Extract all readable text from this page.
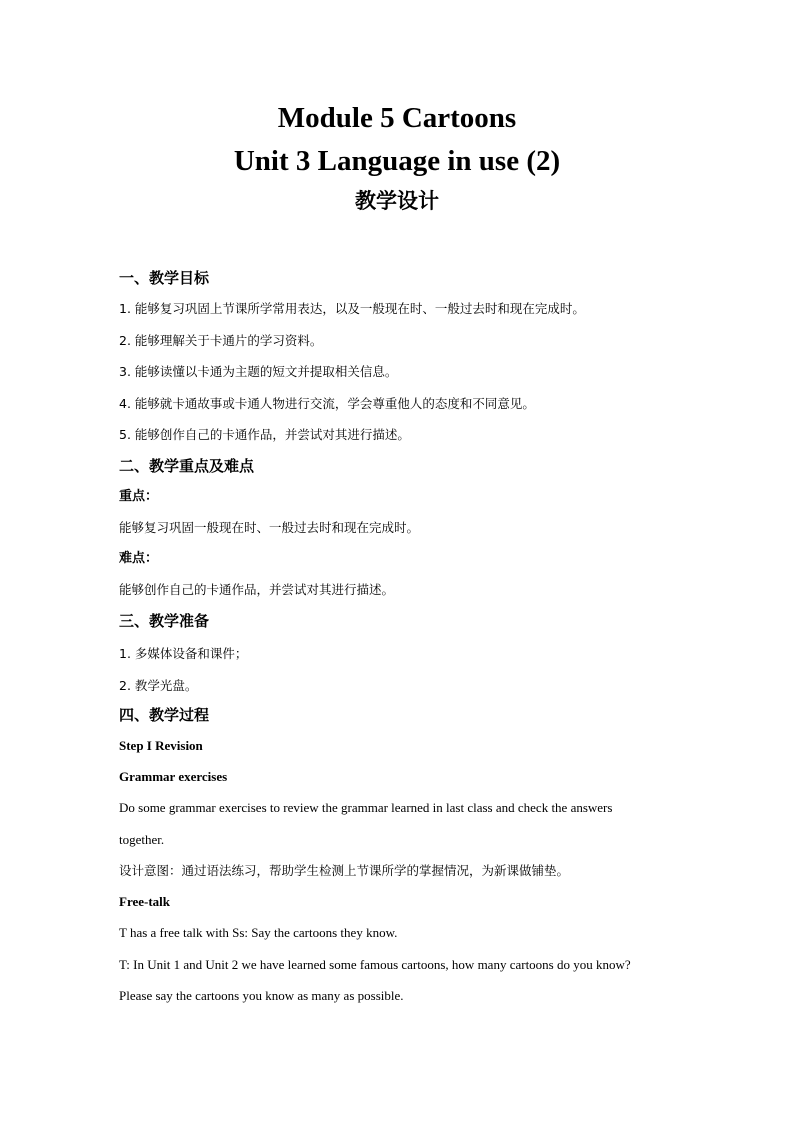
Module 5 Cartoons
Unit 3 Language in use (2)
教学设计
一、教学目标
1. 能够复习巩固上节课所学常用表达，以及一般现在时、一般过去时和现在完成时。
2. 能够理解关于卡通片的学习资料。
3. 能够读懂以卡通为主题的短文并提取相关信息。
4. 能够就卡通故事或卡通人物进行交流，学会尊重他人的态度和不同意见。
5. 能够创作自己的卡通作品，并尝试对其进行描述。
二、教学重点及难点
重点：
能够复习巩固一般现在时、一般过去时和现在完成时。
难点：
能够创作自己的卡通作品，并尝试对其进行描述。
三、教学准备
1. 多媒体设备和课件；
2. 教学光盘。
四、教学过程
Step I Revision
Grammar exercises
Do some grammar exercises to review the grammar learned in last class and check the answers
together.
设计意图：通过语法练习，帮助学生检测上节课所学的掌握情况，为新课做铺垫。
Free-talk
T has a free talk with Ss: Say the cartoons they know.
T: In Unit 1 and Unit 2 we have learned some famous cartoons, how many cartoons do you know?
Please say the cartoons you know as many as possible.
